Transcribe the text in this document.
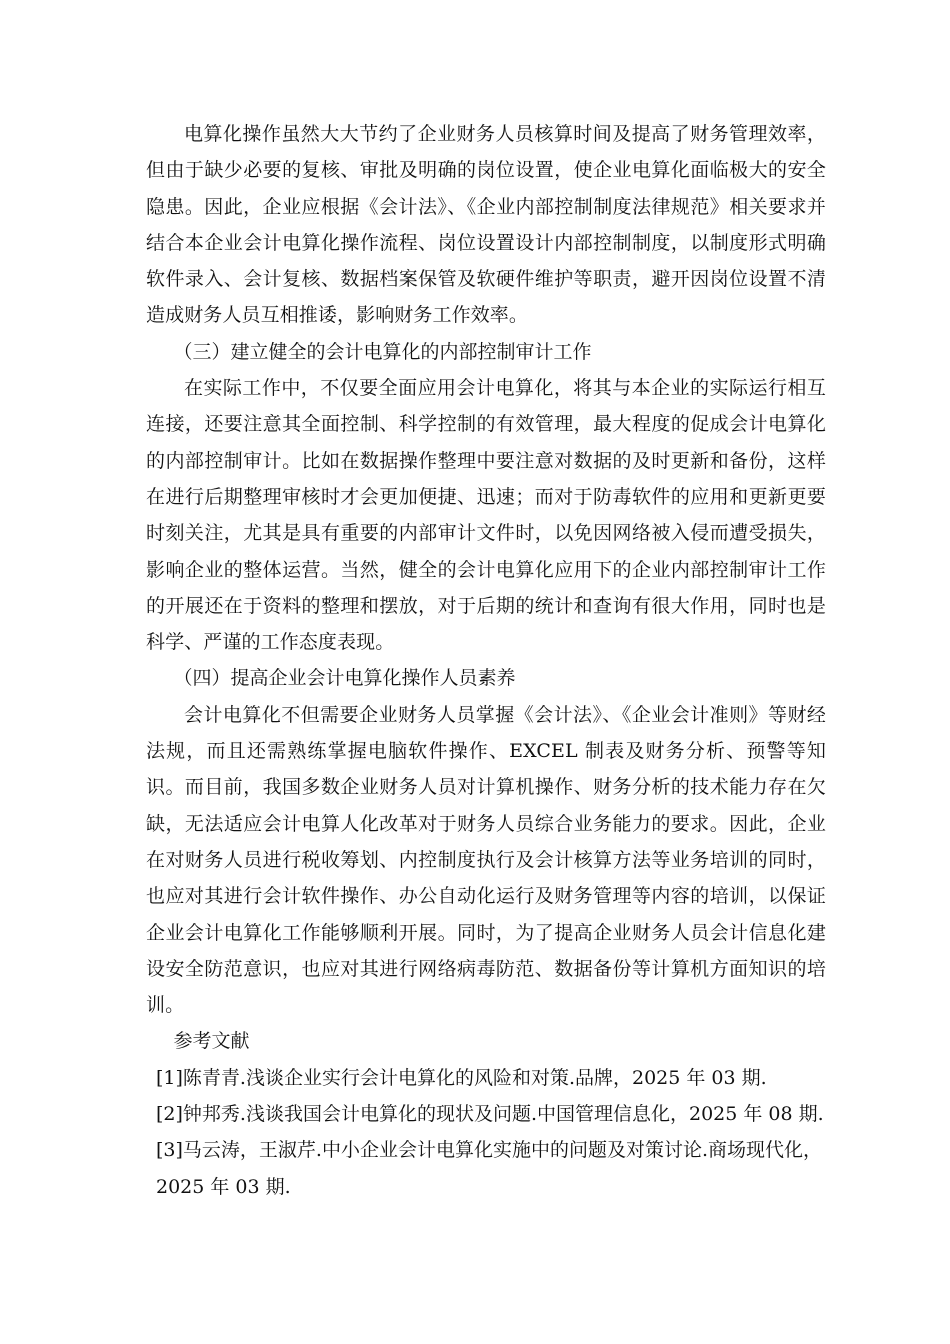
电算化操作虽然大大节约了企业财务人员核算时间及提高了财务管理效率，但由于缺少必要的复核、审批及明确的岗位设置，使企业电算化面临极大的安全隐患。因此，企业应根据《会计法》、《企业内部控制制度法律规范》相关要求并结合本企业会计电算化操作流程、岗位设置设计内部控制制度，以制度形式明确软件录入、会计复核、数据档案保管及软硬件维护等职责，避开因岗位设置不清造成财务人员互相推诿，影响财务工作效率。

（三）建立健全的会计电算化的内部控制审计工作

在实际工作中，不仅要全面应用会计电算化，将其与本企业的实际运行相互连接，还要注意其全面控制、科学控制的有效管理，最大程度的促成会计电算化的内部控制审计。比如在数据操作整理中要注意对数据的及时更新和备份，这样在进行后期整理审核时才会更加便捷、迅速；而对于防毒软件的应用和更新更要时刻关注，尤其是具有重要的内部审计文件时，以免因网络被入侵而遭受损失，影响企业的整体运营。当然，健全的会计电算化应用下的企业内部控制审计工作的开展还在于资料的整理和摆放，对于后期的统计和查询有很大作用，同时也是科学、严谨的工作态度表现。

（四）提高企业会计电算化操作人员素养

会计电算化不但需要企业财务人员掌握《会计法》、《企业会计准则》等财经法规，而且还需熟练掌握电脑软件操作、EXCEL 制表及财务分析、预警等知识。而目前，我国多数企业财务人员对计算机操作、财务分析的技术能力存在欠缺，无法适应会计电算人化改革对于财务人员综合业务能力的要求。因此，企业在对财务人员进行税收筹划、内控制度执行及会计核算方法等业务培训的同时，也应对其进行会计软件操作、办公自动化运行及财务管理等内容的培训，以保证企业会计电算化工作能够顺利开展。同时，为了提高企业财务人员会计信息化建设安全防范意识，也应对其进行网络病毒防范、数据备份等计算机方面知识的培训。

参考文献

[1]陈青青.浅谈企业实行会计电算化的风险和对策.品牌，2025 年 03 期.

[2]钟邦秀.浅谈我国会计电算化的现状及问题.中国管理信息化，2025 年 08 期.

[3]马云涛，王淑芹.中小企业会计电算化实施中的问题及对策讨论.商场现代化，2025 年 03 期.
